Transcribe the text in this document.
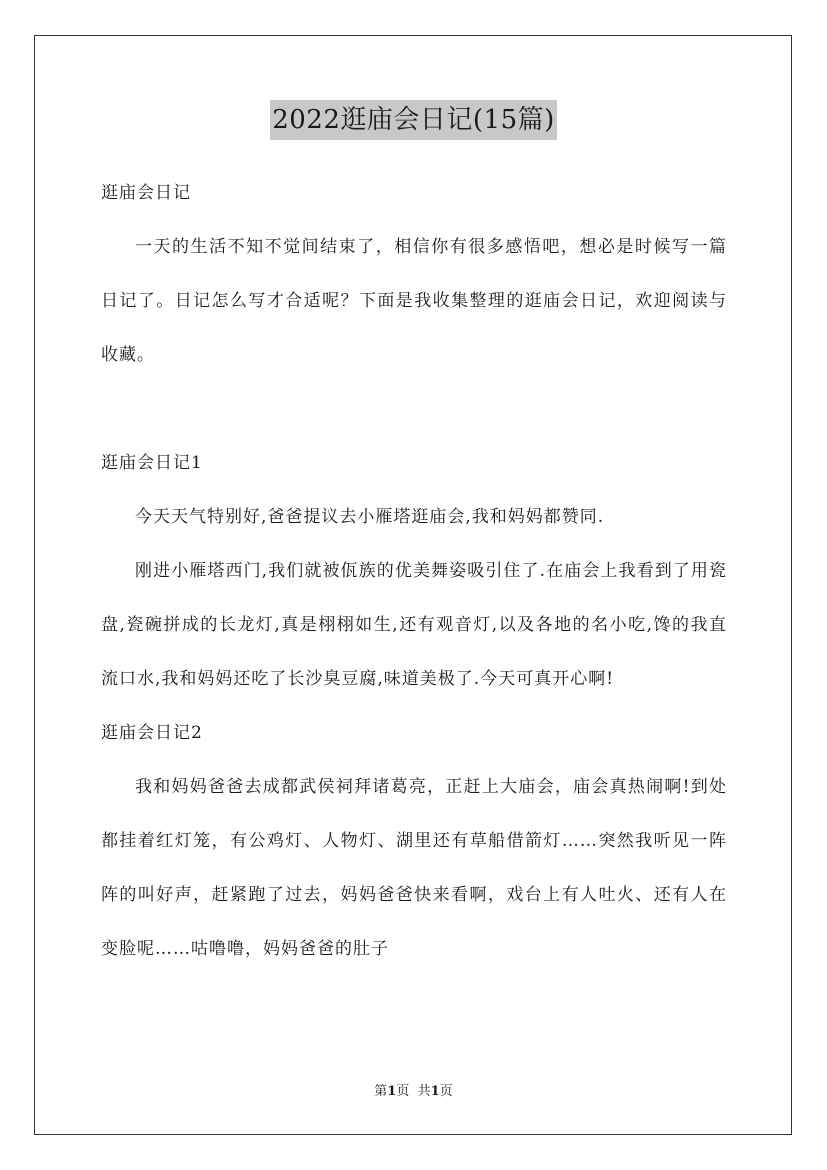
2022逛庙会日记(15篇)

逛庙会日记

一天的生活不知不觉间结束了，相信你有很多感悟吧，想必是时候写一篇日记了。日记怎么写才合适呢？下面是我收集整理的逛庙会日记，欢迎阅读与收藏。

逛庙会日记1

今天天气特别好,爸爸提议去小雁塔逛庙会,我和妈妈都赞同.

刚进小雁塔西门,我们就被佤族的优美舞姿吸引住了.在庙会上我看到了用瓷盘,瓷碗拼成的长龙灯,真是栩栩如生,还有观音灯,以及各地的名小吃,馋的我直流口水,我和妈妈还吃了长沙臭豆腐,味道美极了.今天可真开心啊!

逛庙会日记2

我和妈妈爸爸去成都武侯祠拜诸葛亮，正赶上大庙会，庙会真热闹啊!到处都挂着红灯笼，有公鸡灯、人物灯、湖里还有草船借箭灯……突然我听见一阵阵的叫好声，赶紧跑了过去，妈妈爸爸快来看啊，戏台上有人吐火、还有人在变脸呢……咕噜噜，妈妈爸爸的肚子

第1页 共1页
